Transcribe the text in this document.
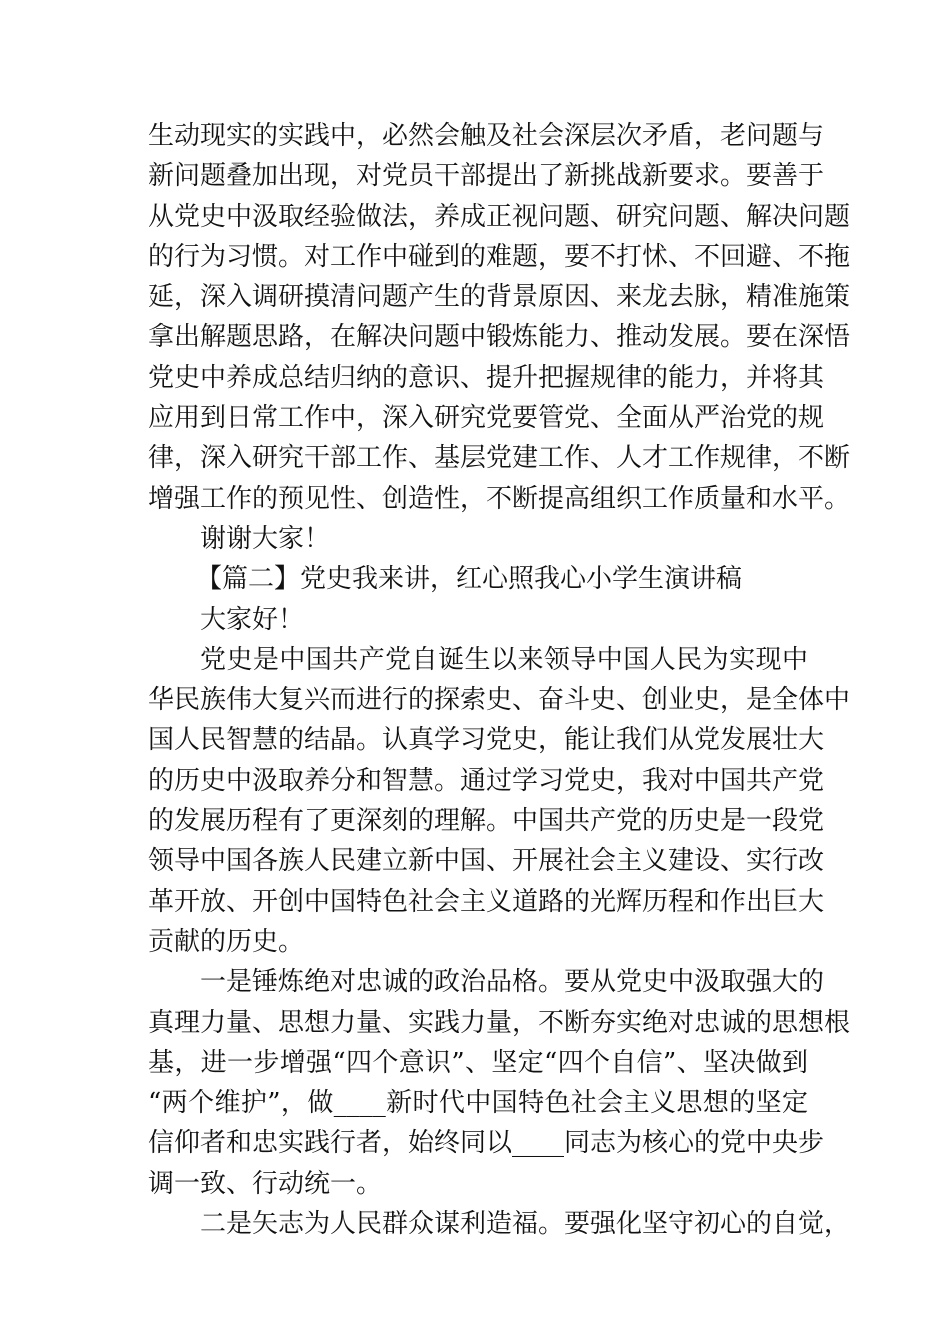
生动现实的实践中，必然会触及社会深层次矛盾，老问题与
新问题叠加出现，对党员干部提出了新挑战新要求。要善于
从党史中汲取经验做法，养成正视问题、研究问题、解决问题
的行为习惯。对工作中碰到的难题，要不打怵、不回避、不拖
延，深入调研摸清问题产生的背景原因、来龙去脉，精准施策
拿出解题思路，在解决问题中锻炼能力、推动发展。要在深悟
党史中养成总结归纳的意识、提升把握规律的能力，并将其
应用到日常工作中，深入研究党要管党、全面从严治党的规
律，深入研究干部工作、基层党建工作、人才工作规律，不断
增强工作的预见性、创造性，不断提高组织工作质量和水平。
谢谢大家！
【篇二】党史我来讲，红心照我心小学生演讲稿
大家好！
党史是中国共产党自诞生以来领导中国人民为实现中
华民族伟大复兴而进行的探索史、奋斗史、创业史，是全体中
国人民智慧的结晶。认真学习党史，能让我们从党发展壮大
的历史中汲取养分和智慧。通过学习党史，我对中国共产党
的发展历程有了更深刻的理解。中国共产党的历史是一段党
领导中国各族人民建立新中国、开展社会主义建设、实行改
革开放、开创中国特色社会主义道路的光辉历程和作出巨大
贡献的历史。
一是锤炼绝对忠诚的政治品格。要从党史中汲取强大的
真理力量、思想力量、实践力量，不断夯实绝对忠诚的思想根
基，进一步增强“四个意识”、坚定“四个自信”、坚决做到
“两个维护”，做____新时代中国特色社会主义思想的坚定
信仰者和忠实践行者，始终同以____同志为核心的党中央步
调一致、行动统一。
二是矢志为人民群众谋利造福。要强化坚守初心的自觉，
